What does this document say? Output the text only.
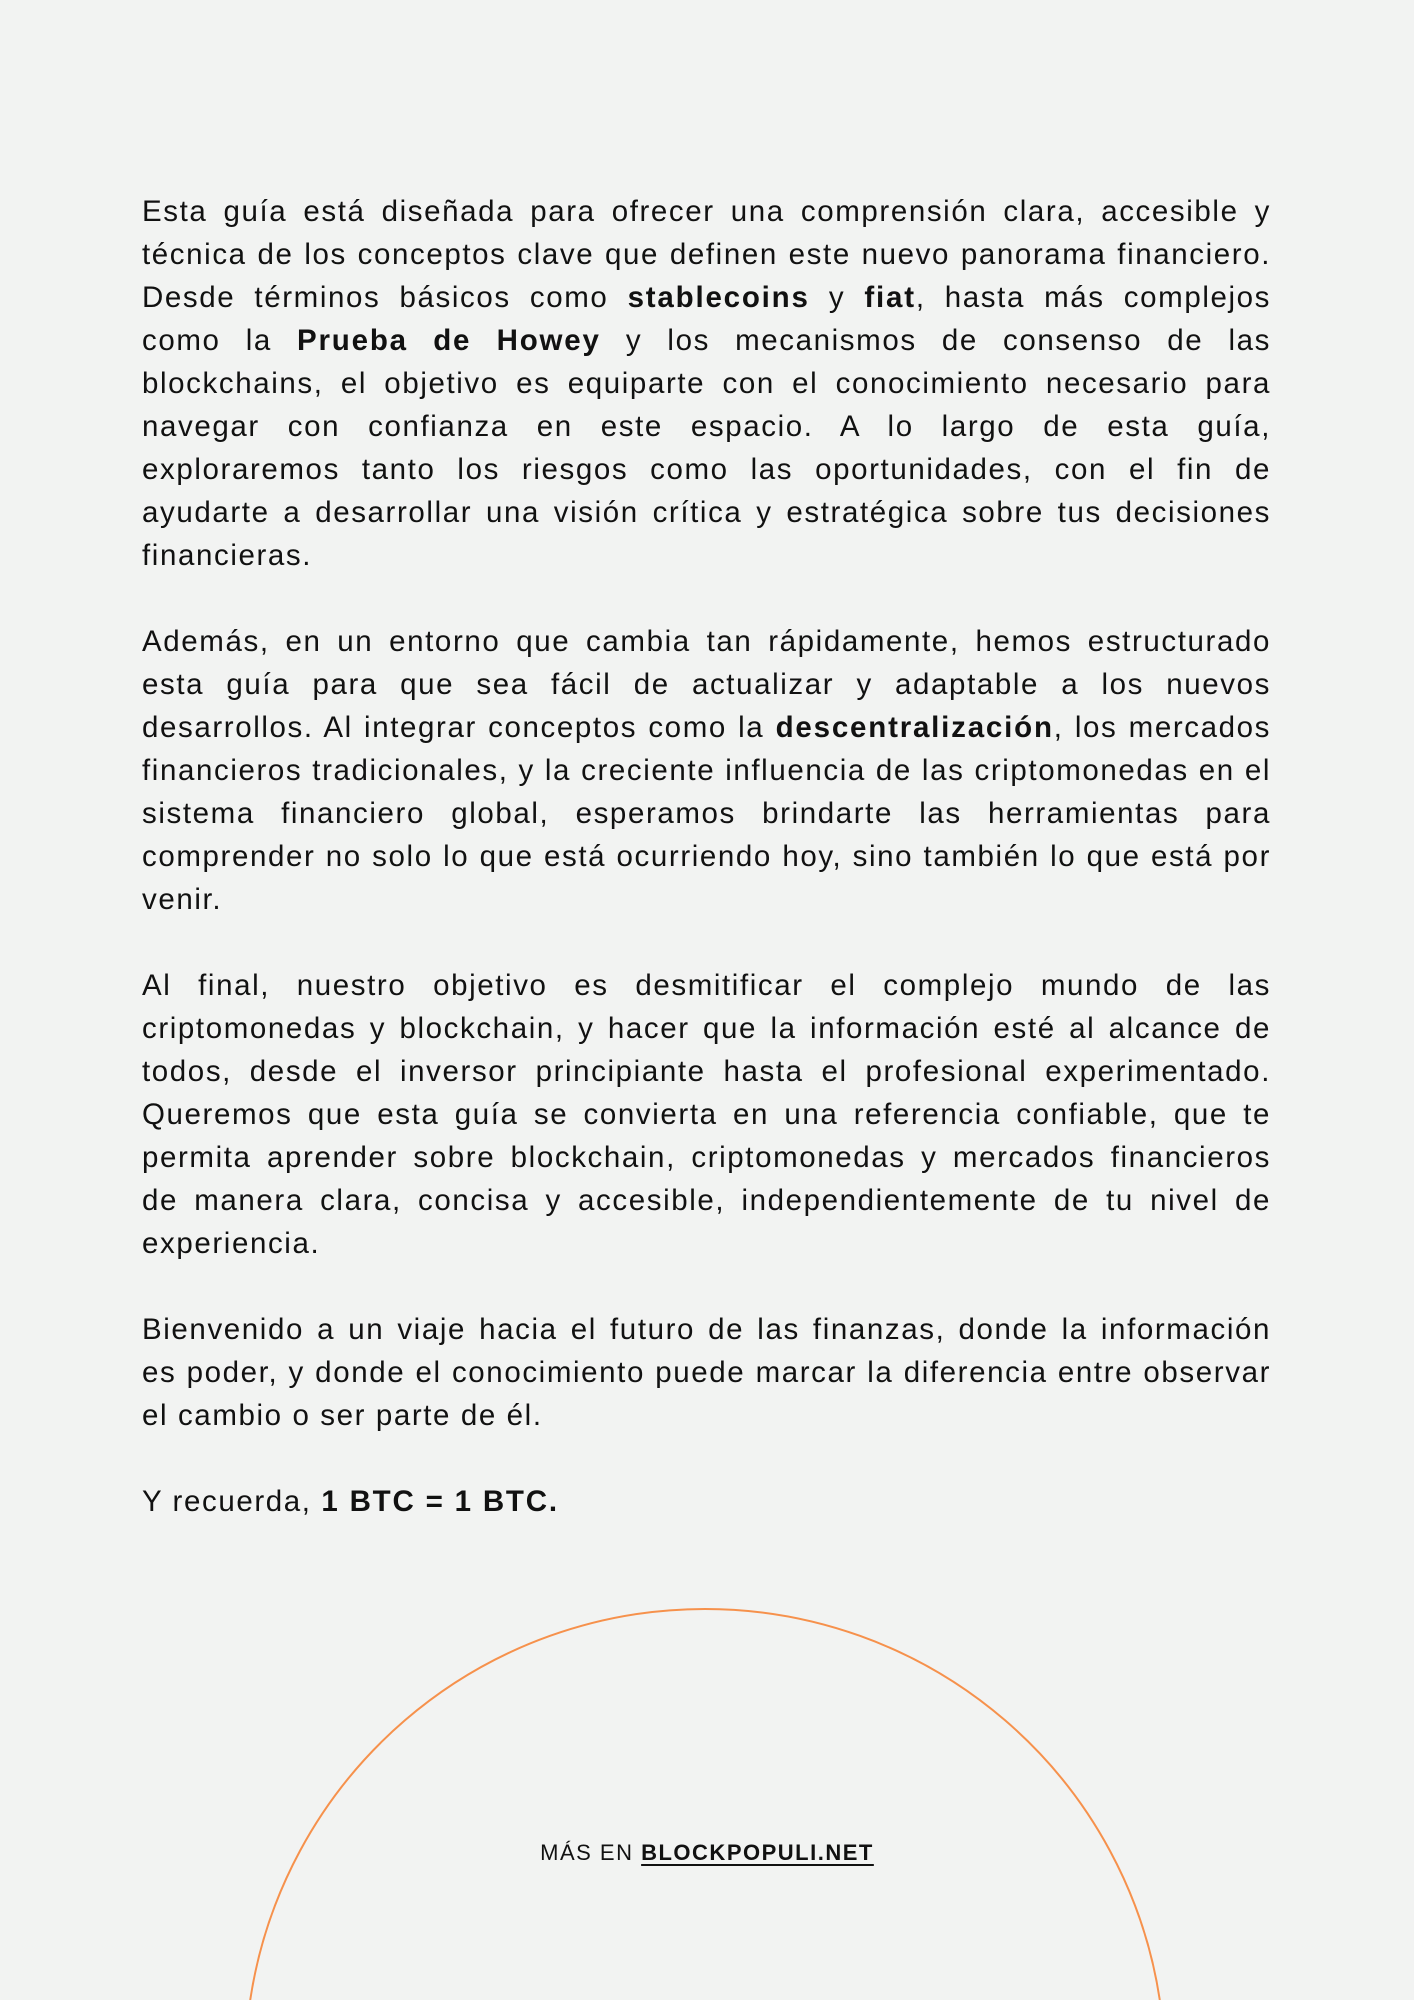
Esta guía está diseñada para ofrecer una comprensión clara, accesible y técnica de los conceptos clave que definen este nuevo panorama financiero. Desde términos básicos como stablecoins y fiat, hasta más complejos como la Prueba de Howey y los mecanismos de consenso de las blockchains, el objetivo es equiparte con el conocimiento necesario para navegar con confianza en este espacio. A lo largo de esta guía, exploraremos tanto los riesgos como las oportunidades, con el fin de ayudarte a desarrollar una visión crítica y estratégica sobre tus decisiones financieras.

Además, en un entorno que cambia tan rápidamente, hemos estructurado esta guía para que sea fácil de actualizar y adaptable a los nuevos desarrollos. Al integrar conceptos como la descentralización, los mercados financieros tradicionales, y la creciente influencia de las criptomonedas en el sistema financiero global, esperamos brindarte las herramientas para comprender no solo lo que está ocurriendo hoy, sino también lo que está por venir.

Al final, nuestro objetivo es desmitificar el complejo mundo de las criptomonedas y blockchain, y hacer que la información esté al alcance de todos, desde el inversor principiante hasta el profesional experimentado. Queremos que esta guía se convierta en una referencia confiable, que te permita aprender sobre blockchain, criptomonedas y mercados financieros de manera clara, concisa y accesible, independientemente de tu nivel de experiencia.

Bienvenido a un viaje hacia el futuro de las finanzas, donde la información es poder, y donde el conocimiento puede marcar la diferencia entre observar el cambio o ser parte de él.

Y recuerda, 1 BTC = 1 BTC.

MÁS EN BLOCKPOPULI.NET
